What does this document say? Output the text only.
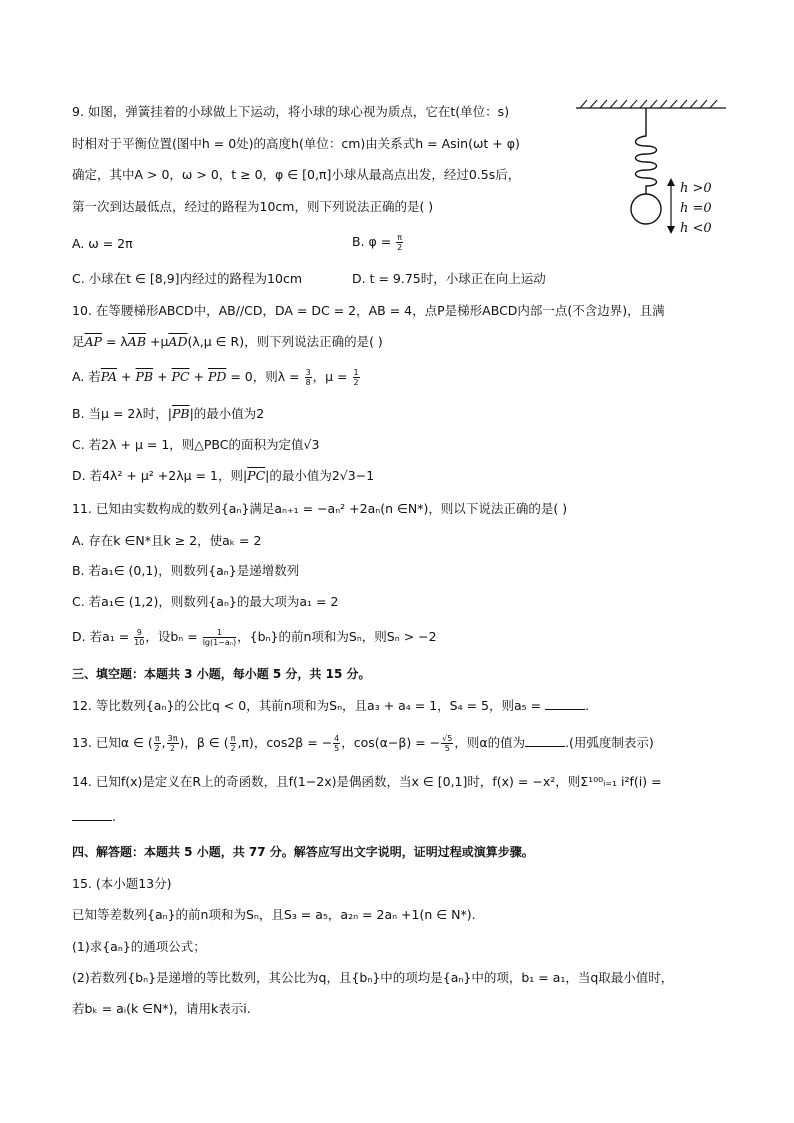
9. 如图，弹簧挂着的小球做上下运动，将小球的球心视为质点，它在t(单位：s)
时相对于平衡位置(图中h = 0处)的高度h(单位：cm)由关系式h = Asin(ωt + φ)
确定，其中A > 0，ω > 0，t ≥ 0，φ ∈ [0,π]小球从最高点出发，经过0.5s后，
第一次到达最低点，经过的路程为10cm，则下列说法正确的是( )
A. ω = 2π	B. $\varphi = \frac{\pi}{2}$
C. 小球在t ∈ [8,9]内经过的路程为10cm	D. t = 9.75时，小球正在向上运动
h >0
h =0
h <0
10. 在等腰梯形ABCD中，AB//CD，DA = DC = 2，AB = 4，点P是梯形ABCD内部一点(不含边界)，且满
足$\overline{AP} = \lambda\overline{AB} +\mu\overline{AD}(\lambda,\mu$ ∈ R)，则下列说法正确的是( )
A. 若$\overline{PA} + \overline{PB} + \overline{PC} + \overline{PD} = 0$，则$\lambda = \frac{3}{8}$ ，$\mu = \frac{1}{2}$
B. 当μ = 2λ时，$|\overline{PB}|$的最小值为2
C. 若2λ + μ = 1，则△PBC的面积为定值√3
D. 若4λ² + μ² +2λμ = 1，则$|\overline{PC}|$的最小值为2√3−1
11. 已知由实数构成的数列{aₙ}满足aₙ₊₁ = −aₙ² +2aₙ(n ∈N*)，则以下说法正确的是( )
A. 存在k ∈N*且k ≥ 2，使aₖ = 2
B. 若a₁∈ (0,1)，则数列{aₙ}是递增数列
C. 若a₁∈ (1,2)，则数列{aₙ}的最大项为a₁ = 2
D. 若$a_1 = \frac{9}{10}$ ，设$b_n = \frac{1}{\text{lg(1−aₙ)}}$ ，{bₙ}的前n项和为Sₙ，则Sₙ > −2
三、填空题：本题共 3 小题，每小题 5 分，共 15 分。
12. 等比数列{aₙ}的公比q < 0，其前n项和为Sₙ，且a₃ + a₄ = 1，S₄ = 5，则a₅ =	.
13. 已知α ∈ ( $\frac{\pi}{2}$ , $\frac{3\pi}{2}$ )，β ∈ ( $\frac{\pi}{2} ,\pi$)，cos2β = − $\frac{4}{5}$ ，cos(α−β) = − $\frac{√5}{5}$ ，则α的值为	.(用弧度制表示)
14. 已知f(x)是定义在R上的奇函数，且f(1−2x)是偶函数，当x ∈ [0,1]时，f(x) = −x²，则Σ¹⁰⁰ᵢ₌₁ i²f(i) =
.
四、解答题：本题共 5 小题，共 77 分。解答应写出文字说明，证明过程或演算步骤。
15. (本小题13分)
已知等差数列{aₙ}的前n项和为Sₙ，且S₃ = a₅，a₂ₙ = 2aₙ +1(n ∈ N*).
(1)求{aₙ}的通项公式；
(2)若数列{bₙ}是递增的等比数列，其公比为q，且{bₙ}中的项均是{aₙ}中的项，b₁ = a₁，当q取最小值时，
若bₖ = aᵢ(k ∈N*)，请用k表示i.
